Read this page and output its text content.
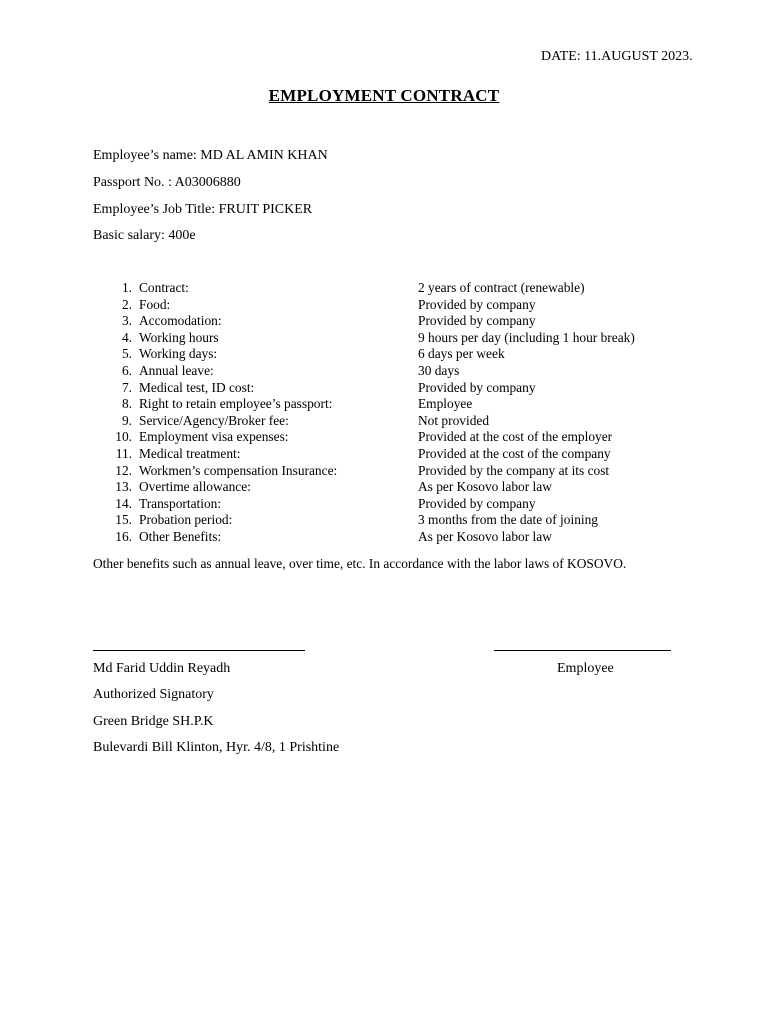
DATE: 11.AUGUST 2023.
EMPLOYMENT CONTRACT
Employee’s name: MD AL AMIN KHAN
Passport No. : A03006880
Employee’s Job Title: FRUIT PICKER
Basic salary: 400e
1. Contract:	2 years of contract (renewable)
2. Food:	Provided by company
3. Accomodation:	Provided by company
4. Working hours	9 hours per day (including 1 hour break)
5. Working days:	6 days per week
6. Annual leave:	30 days
7. Medical test, ID cost:	Provided by company
8. Right to retain employee’s passport:	Employee
9. Service/Agency/Broker fee:	Not provided
10. Employment visa expenses:	Provided at the cost of the employer
11. Medical treatment:	Provided at the cost of the company
12. Workmen’s compensation Insurance:	Provided by the company at its cost
13. Overtime allowance:	As per Kosovo labor law
14. Transportation:	Provided by company
15. Probation period:	3 months from the date of joining
16. Other Benefits:	As per Kosovo labor law
Other benefits such as annual leave, over time, etc. In accordance with the labor laws of KOSOVO.
Md Farid Uddin Reyadh	Employee
Authorized Signatory
Green Bridge SH.P.K
Bulevardi Bill Klinton, Hyr. 4/8, 1 Prishtine
